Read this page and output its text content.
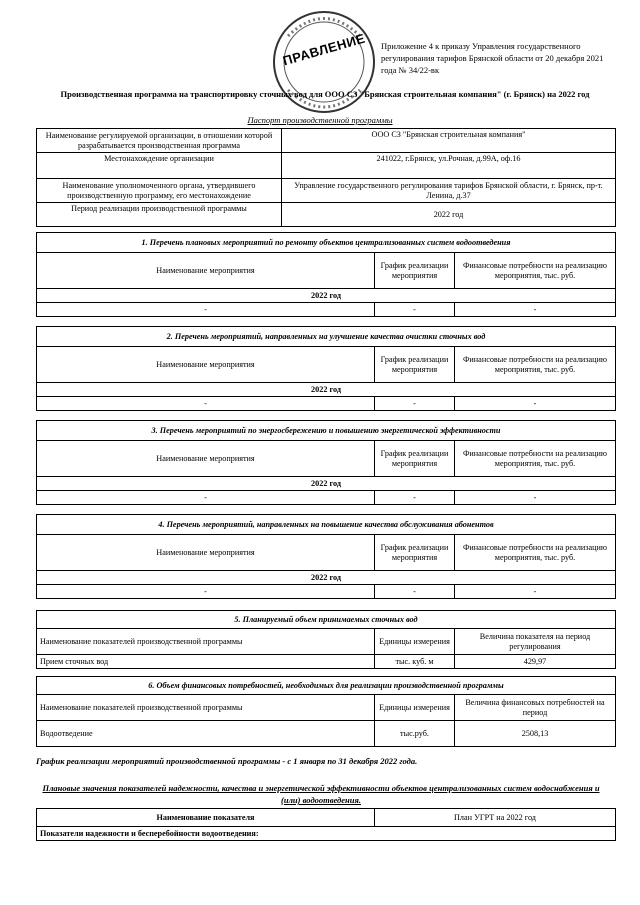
ПРАВЛЕНИЕ	Приложение 4 к приказу Управления государственного регулирования тарифов Брянской области от 20 декабря 2021 года № 34/22-вк
Производственная программа на транспортировку сточных вод для ООО СЗ "Брянская строительная компания" (г. Брянск) на 2022 год
Паспорт производственной программы
Наименование регулируемой организации, в отношении которой разрабатывается производственная программа	ООО СЗ "Брянская строительная компания"
Местонахождение организации	241022, г.Брянск, ул.Рочная, д.99А, оф.16
Наименование уполномоченного органа, утвердившего производственную программу, его местонахождение	Управление государственного регулирования тарифов Брянской области, г. Брянск, пр-т. Ленина, д.37
Период реализации производственной программы	2022 год
1. Перечень плановых мероприятий по ремонту объектов централизованных систем водоотведения		
Наименование мероприятия	График реализации мероприятия	Финансовые потребности на реализацию мероприятия, тыс. руб.
2022 год		
-	-	-
2. Перечень мероприятий, направленных на улучшение качества очистки сточных вод		
Наименование мероприятия	График реализации мероприятия	Финансовые потребности на реализацию мероприятия, тыс. руб.
2022 год		
-	-	-
3. Перечень мероприятий по энергосбережению и повышению энергетической эффективности		
Наименование мероприятия	График реализации мероприятия	Финансовые потребности на реализацию мероприятия, тыс. руб.
2022 год		
-	-	-
4. Перечень мероприятий, направленных на повышение качества обслуживания абонентов		
Наименование мероприятия	График реализации мероприятия	Финансовые потребности на реализацию мероприятия, тыс. руб.
2022 год		
-	-	-
5. Планируемый объем принимаемых сточных вод		
Наименование показателей производственной программы	Единицы измерения	Величина показателя на период регулирования
Прием сточных вод	тыс. куб. м	429,97
6. Объем финансовых потребностей, необходимых для реализации производственной программы		
Наименование показателей производственной программы	Единицы измерения	Величина финансовых потребностей на период
Водоотведение	тыс.руб.	2508,13
График реализации мероприятий производственной программы - с 1 января по 31 декабря 2022 года.
Плановые значения показателей надежности, качества и энергетической эффективности объектов централизованных систем водоснабжения и (или) водоотведения.
Наименование показателя	План УГРТ на 2022 год
Показатели надежности и бесперебойности водоотведения:
